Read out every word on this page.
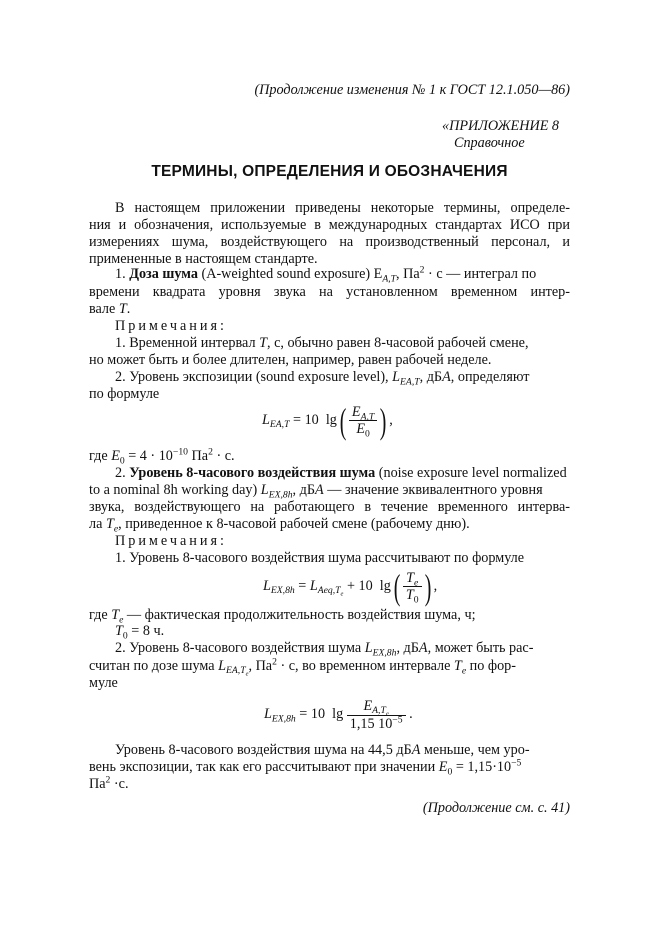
(Продолжение изменения № 1 к ГОСТ 12.1.050—86)
«ПРИЛОЖЕНИЕ 8
Справочное
ТЕРМИНЫ, ОПРЕДЕЛЕНИЯ И ОБОЗНАЧЕНИЯ
В настоящем приложении приведены некоторые термины, определе-
ния и обозначения, используемые в международных стандартах ИСО при
измерениях шума, воздействующего на производственный персонал, и
примененные в настоящем стандарте.
1. Доза шума (A-weighted sound exposure) $E_{A,T}$, $Па^2 \cdot с$ — интеграл по
времени квадрата уровня звука на установленном временном интер-
вале T.
Примечания:
1. Временной интервал T, с, обычно равен 8-часовой рабочей смене,
но может быть и более длителен, например, равен рабочей неделе.
2. Уровень экспозиции (sound exposure level), $L_{EA,T}$, дБА, определяют
по формуле
$L_{EA,T} = 10$ $\lg( \frac{E_{A,T}}{E_0}$ ) ,
где $E_0 = 4 \cdot 10^{-10}$ $Па^2 \cdot с$.
2. Уровень 8-часового воздействия шума (noise exposure level normalized
to a nominal 8h working day) $L_{EX,8h}$, дБА — значение эквивалентного уровня
звука, воздействующего на работающего в течение временного интерва-
ла $T_e$, приведенное к 8-часовой рабочей смене (рабочему дню).
Примечания:
1. Уровень 8-часового воздействия шума рассчитывают по формуле
$L_{EX,8h} = L_{Aeq,T_e} + 10$ $\lg( \frac{T_e}{T_0}$ ) ,
где $T_e$ — фактическая продолжительность воздействия шума, ч;
$T_0 = 8$ ч.
2. Уровень 8-часового воздействия шума $L_{EX,8h}$, дБА, может быть рас-
считан по дозе шума $L_{EA,T_e}$, $Па^2 \cdot с$, во временном интервале $T_e$ по фор-
муле
$L_{EX,8h} = 10$ $\lg \frac{E_{A,T_e}}{1,15 10^{-5}}$ .
Уровень 8-часового воздействия шума на 44,5 дБА меньше, чем уро-
вень экспозиции, так как его рассчитывают при значении $E_0 = 1,15\cdot 10^{-5}$
$Па^2 \cdot с$.
(Продолжение см. с. 41)
